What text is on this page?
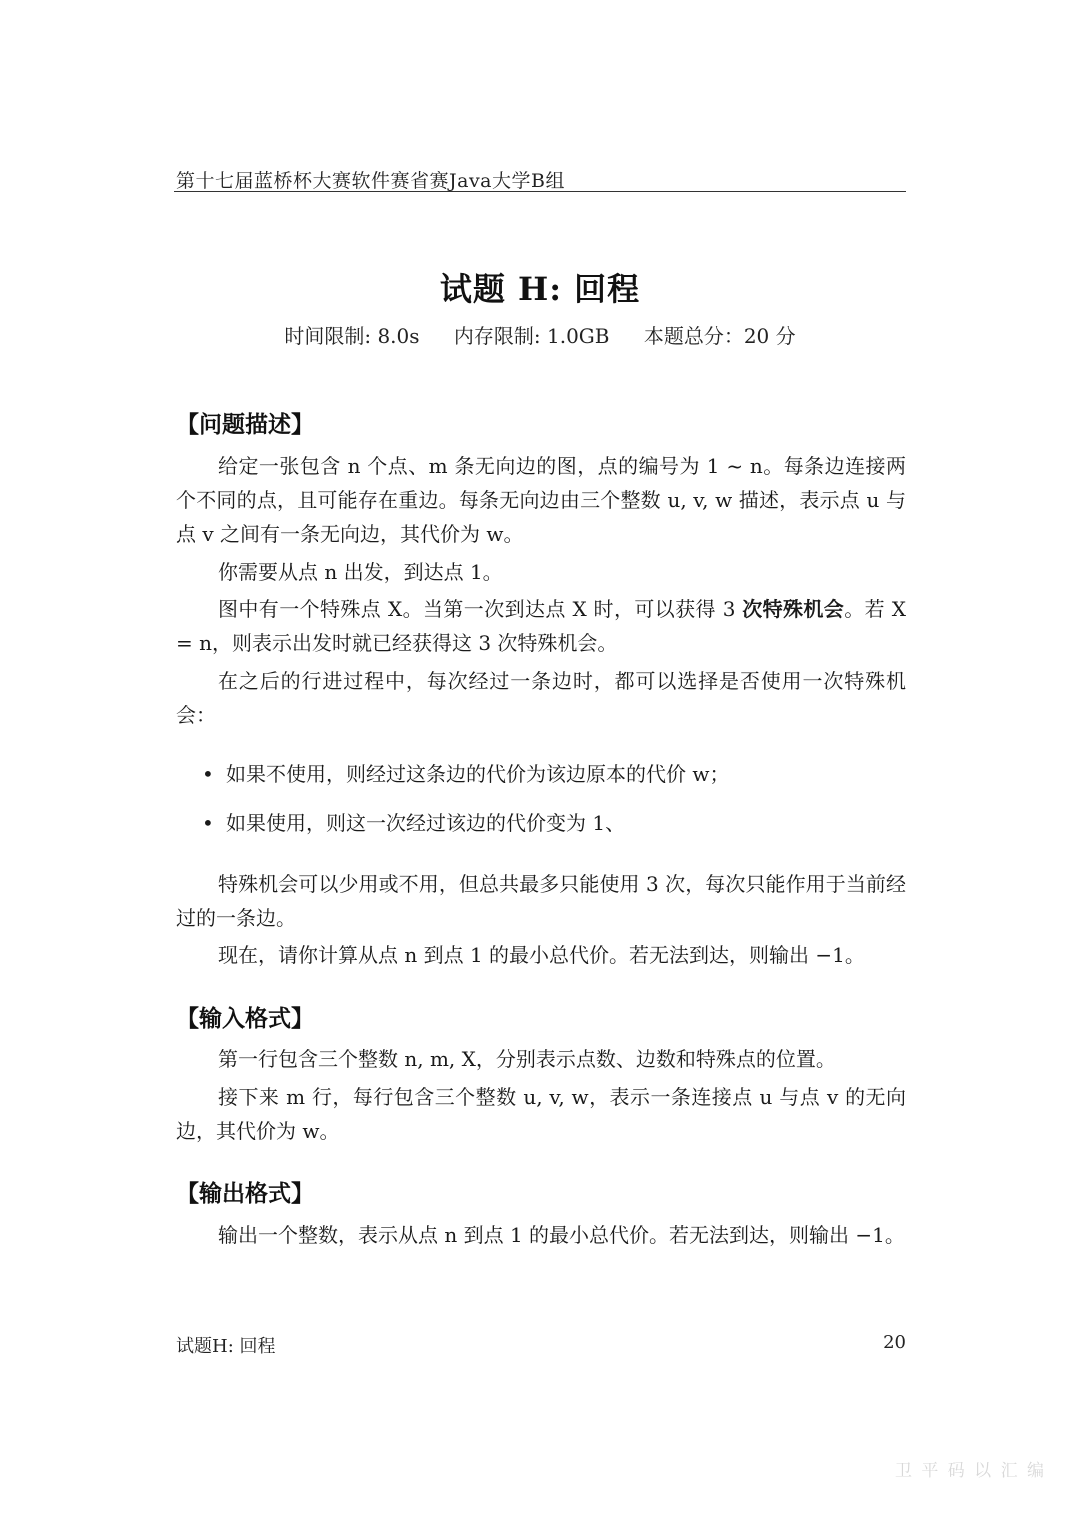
第十七届蓝桥杯大赛软件赛省赛Java大学B组
试题 H: 回程
时间限制: 8.0s 内存限制: 1.0GB 本题总分：20 分
【问题描述】
给定一张包含 n 个点、m 条无向边的图，点的编号为 1 ~ n。每条边连接两个不同的点，且可能存在重边。每条无向边由三个整数 u, v, w 描述，表示点 u 与点 v 之间有一条无向边，其代价为 w。
你需要从点 n 出发，到达点 1。
图中有一个特殊点 X。当第一次到达点 X 时，可以获得 3 次特殊机会。若 X = n，则表示出发时就已经获得这 3 次特殊机会。
在之后的行进过程中，每次经过一条边时，都可以选择是否使用一次特殊机会：
• 如果不使用，则经过这条边的代价为该边原本的代价 w；
• 如果使用，则这一次经过该边的代价变为 1、
特殊机会可以少用或不用，但总共最多只能使用 3 次，每次只能作用于当前经过的一条边。
现在，请你计算从点 n 到点 1 的最小总代价。若无法到达，则输出 −1。
【输入格式】
第一行包含三个整数 n, m, X，分别表示点数、边数和特殊点的位置。
接下来 m 行，每行包含三个整数 u, v, w，表示一条连接点 u 与点 v 的无向边，其代价为 w。
【输出格式】
输出一个整数，表示从点 n 到点 1 的最小总代价。若无法到达，则输出 −1。
试题H: 回程	20
卫 平 码 以 汇 编
